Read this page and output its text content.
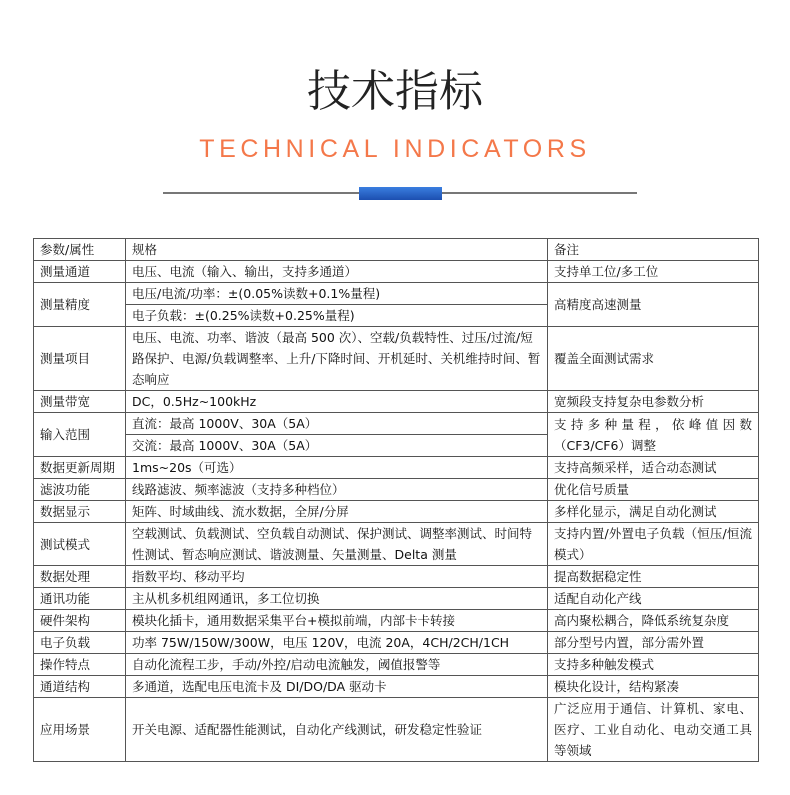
技术指标
TECHNICAL INDICATORS
参数/属性	规格	备注
测量通道	电压、电流（输入、输出，支持多通道）	支持单工位/多工位
测量精度	电压/电流/功率：±(0.05%读数+0.1%量程)	高精度高速测量
	电子负载：±(0.25%读数+0.25%量程)	
测量项目	电压、电流、功率、谐波（最高 500 次）、空载/负载特性、过压/过流/短路保护、电源/负载调整率、上升/下降时间、开机延时、关机维持时间、暂态响应	覆盖全面测试需求
测量带宽	DC，0.5Hz~100kHz	宽频段支持复杂电参数分析
输入范围	直流：最高 1000V、30A（5A）	支持多种量程，依峰值因数（CF3/CF6）调整
	交流：最高 1000V、30A（5A）	
数据更新周期	1ms~20s（可选）	支持高频采样，适合动态测试
滤波功能	线路滤波、频率滤波（支持多种档位）	优化信号质量
数据显示	矩阵、时域曲线、流水数据，全屏/分屏	多样化显示，满足自动化测试
测试模式	空载测试、负载测试、空负载自动测试、保护测试、调整率测试、时间特性测试、暂态响应测试、谐波测量、矢量测量、Delta 测量	支持内置/外置电子负载（恒压/恒流模式）
数据处理	指数平均、移动平均	提高数据稳定性
通讯功能	主从机多机组网通讯，多工位切换	适配自动化产线
硬件架构	模块化插卡，通用数据采集平台+模拟前端，内部卡卡转接	高内聚松耦合，降低系统复杂度
电子负载	功率 75W/150W/300W，电压 120V，电流 20A，4CH/2CH/1CH	部分型号内置，部分需外置
操作特点	自动化流程工步，手动/外控/启动电流触发，阈值报警等	支持多种触发模式
通道结构	多通道，选配电压电流卡及 DI/DO/DA 驱动卡	模块化设计，结构紧凑
应用场景	开关电源、适配器性能测试，自动化产线测试，研发稳定性验证	广泛应用于通信、计算机、家电、医疗、工业自动化、电动交通工具等领域
